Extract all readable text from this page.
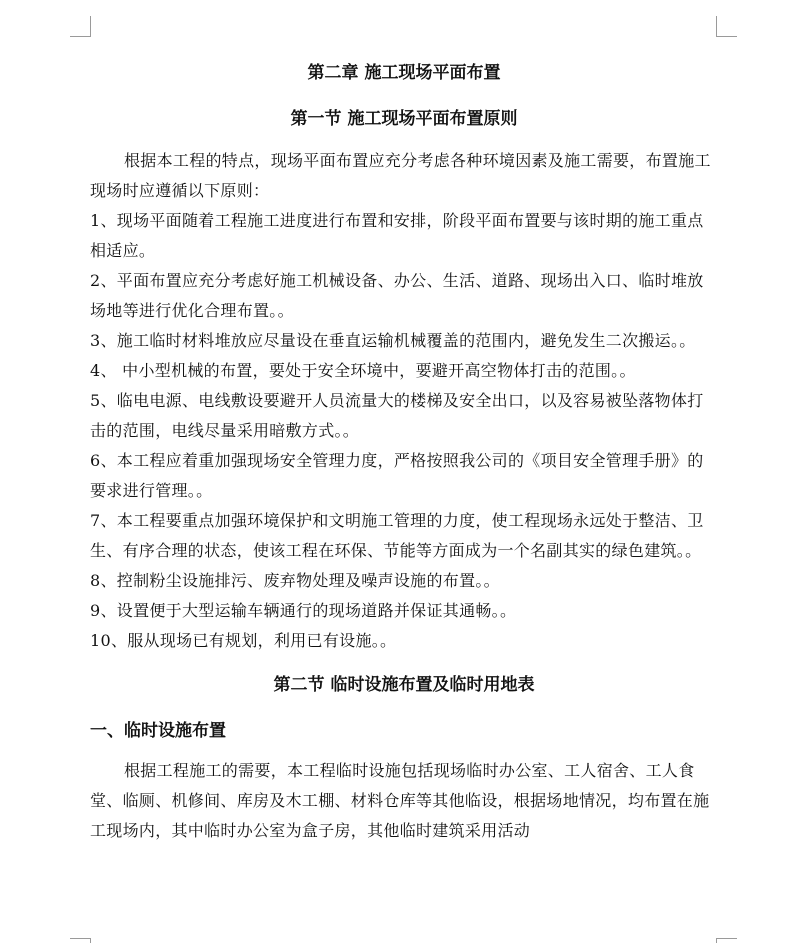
第二章 施工现场平面布置
第一节 施工现场平面布置原则

根据本工程的特点，现场平面布置应充分考虑各种环境因素及施工需要，布置施工现场时应遵循以下原则：

1、现场平面随着工程施工进度进行布置和安排，阶段平面布置要与该时期的施工重点相适应。

2、平面布置应充分考虑好施工机械设备、办公、生活、道路、现场出入口、临时堆放场地等进行优化合理布置。。

3、施工临时材料堆放应尽量设在垂直运输机械覆盖的范围内，避免发生二次搬运。。

4、 中小型机械的布置，要处于安全环境中，要避开高空物体打击的范围。。

5、临电电源、电线敷设要避开人员流量大的楼梯及安全出口，以及容易被坠落物体打击的范围，电线尽量采用暗敷方式。。

6、本工程应着重加强现场安全管理力度，严格按照我公司的《项目安全管理手册》的要求进行管理。。

7、本工程要重点加强环境保护和文明施工管理的力度，使工程现场永远处于整洁、卫生、有序合理的状态，使该工程在环保、节能等方面成为一个名副其实的绿色建筑。。

8、控制粉尘设施排污、废弃物处理及噪声设施的布置。。

9、设置便于大型运输车辆通行的现场道路并保证其通畅。。

10、服从现场已有规划，利用已有设施。。

第二节 临时设施布置及临时用地表
一、临时设施布置

根据工程施工的需要，本工程临时设施包括现场临时办公室、工人宿舍、工人食堂、临厕、机修间、库房及木工棚、材料仓库等其他临设，根据场地情况，均布置在施工现场内，其中临时办公室为盒子房，其他临时建筑采用活动
